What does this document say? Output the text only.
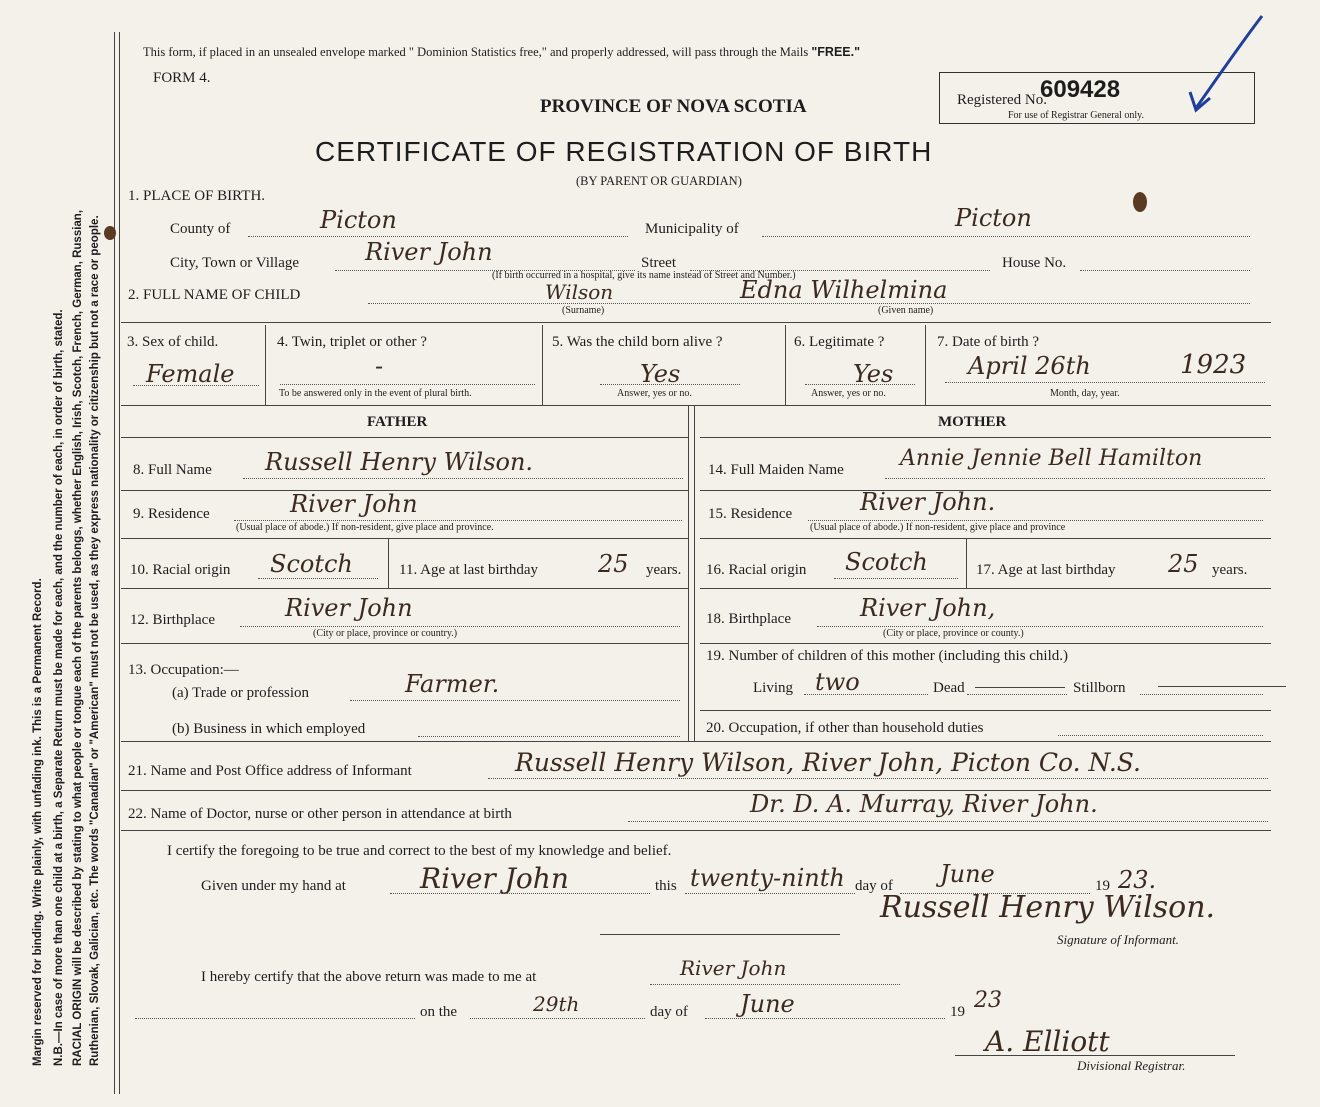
Margin reserved for binding. Write plainly, with unfading ink. This is a Permanent Record. N.B.—In case of more than one child at a birth, a Separate Return must be made for each, and the number of each, in order of birth, stated. RACIAL ORIGIN will be described by stating to what people or tongue each of the parents belongs, whether English, Irish, Scotch, French, German, Russian, Ruthenian, Slovak, Galician, etc. The words "Canadian" or "American" must not be used, as they express nationality or citizenship but not a race or people.
This form, if placed in an unsealed envelope marked " Dominion Statistics free," and properly addressed, will pass through the Mails "FREE."
FORM 4.
PROVINCE OF NOVA SCOTIA
CERTIFICATE OF REGISTRATION OF BIRTH
(BY PARENT OR GUARDIAN)
Registered No.
609428
For use of Registrar General only.
1. PLACE OF BIRTH.
County of	Picton	Municipality of	Picton
City, Town or Village	River John	Street	House No.
(If birth occurred in a hospital, give its name instead of Street and Number.)
2. FULL NAME OF CHILD	Wilson	Edna Wilhelmina
(Surname)	(Given name)
3. Sex of child.
Female
4. Twin, triplet or other ?
-
To be answered only in the event of plural birth.
5. Was the child born alive ?
Yes
Answer, yes or no.
6. Legitimate ?
Yes
Answer, yes or no.
7. Date of birth ?
April 26th	1923
Month, day, year.
FATHER	MOTHER
8. Full Name Russell Henry Wilson.
9. Residence	River John
(Usual place of abode.) If non-resident, give place and province.
10. Racial origin Scotch	11. Age at last birthday	25 years.
12. Birthplace	River John
(City or place, province or country.)
13. Occupation:—
(a) Trade or profession	Farmer.
(b) Business in which employed
14. Full Maiden Name	Annie Jennie Bell Hamilton
15. Residence	River John.
(Usual place of abode.) If non-resident, give place and province
16. Racial origin Scotch	17. Age at last birthday 25 years.
18. Birthplace	River John,
(City or place, province or county.)
19. Number of children of this mother (including this child.)
Living two	Dead	Stillborn
20. Occupation, if other than household duties
21. Name and Post Office address of Informant	Russell Henry Wilson, River John, Picton Co. N.S.
22. Name of Doctor, nurse or other person in attendance at birth	Dr. D. A. Murray, River John.
I certify the foregoing to be true and correct to the best of my knowledge and belief.
Given under my hand at	River John	this twenty-ninth day of June	19 23.
Russell Henry Wilson.
Signature of Informant.
I hereby certify that the above return was made to me at	River John
on the	29th	day of June	19 23
A. Elliott
Divisional Registrar.
